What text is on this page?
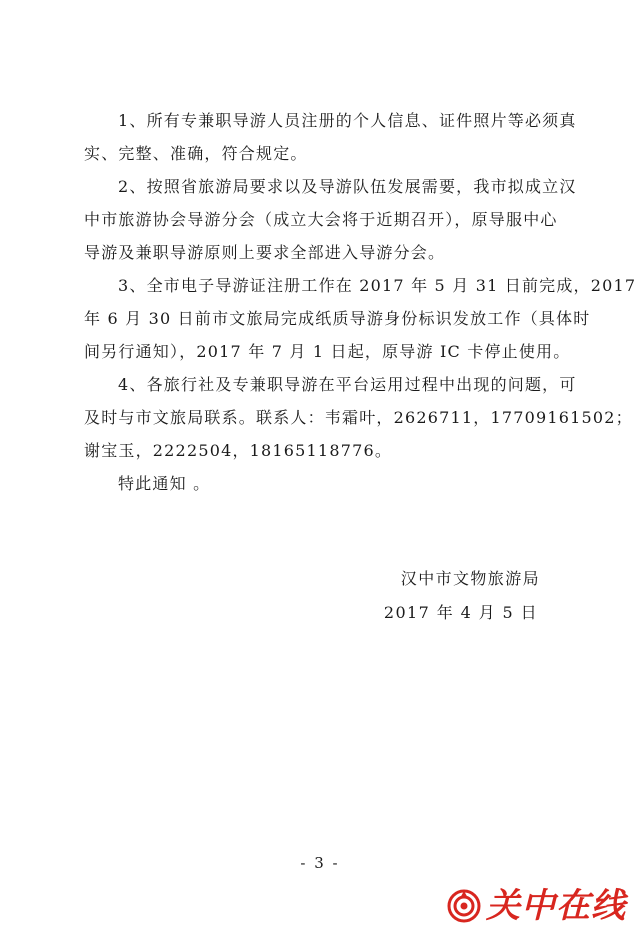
1、所有专兼职导游人员注册的个人信息、证件照片等必须真
实、完整、准确，符合规定。
2、按照省旅游局要求以及导游队伍发展需要，我市拟成立汉
中市旅游协会导游分会（成立大会将于近期召开），原导服中心
导游及兼职导游原则上要求全部进入导游分会。
3、全市电子导游证注册工作在 2017 年 5 月 31 日前完成，2017
年 6 月 30 日前市文旅局完成纸质导游身份标识发放工作（具体时
间另行通知），2017 年 7 月 1 日起，原导游 IC 卡停止使用。
4、各旅行社及专兼职导游在平台运用过程中出现的问题，可
及时与市文旅局联系。联系人：韦霜叶，2626711，17709161502；
谢宝玉，2222504，18165118776。
特此通知 。
汉中市文物旅游局
2017 年 4 月 5 日
- 3 -
关中在线
